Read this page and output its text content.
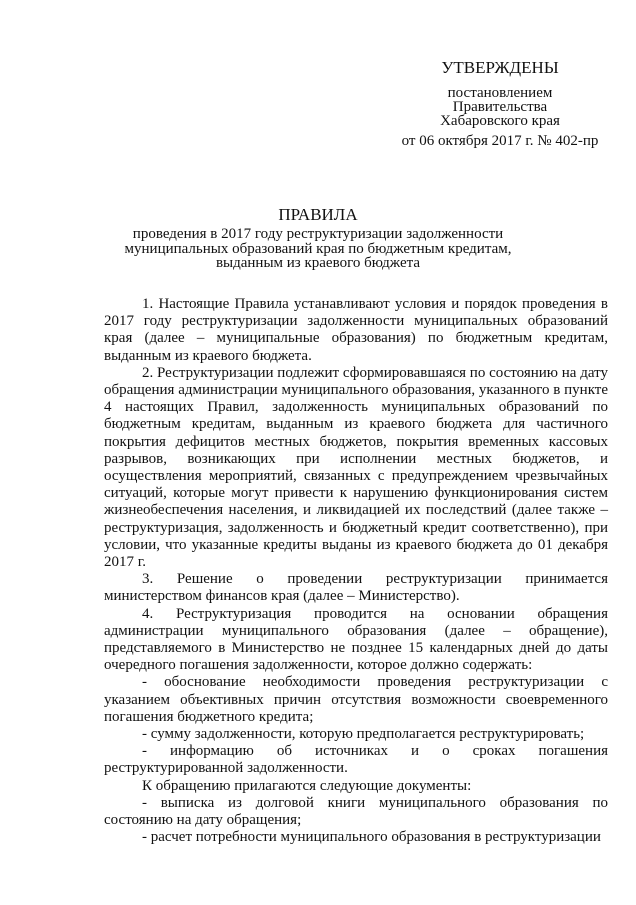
УТВЕРЖДЕНЫ
постановлением
Правительства
Хабаровского края
от 06 октября 2017 г. № 402-пр
ПРАВИЛА
проведения в 2017 году реструктуризации задолженности
муниципальных образований края по бюджетным кредитам,
выданным из краевого бюджета

1. Настоящие Правила устанавливают условия и порядок проведения в 2017 году реструктуризации задолженности муниципальных образований края (далее – муниципальные образования) по бюджетным кредитам, выданным из краевого бюджета.

2. Реструктуризации подлежит сформировавшаяся по состоянию на дату обращения администрации муниципального образования, указанного в пункте 4 настоящих Правил, задолженность муниципальных образований по бюджетным кредитам, выданным из краевого бюджета для частичного покрытия дефицитов местных бюджетов, покрытия временных кассовых разрывов, возникающих при исполнении местных бюджетов, и осуществления мероприятий, связанных с предупреждением чрезвычайных ситуаций, которые могут привести к нарушению функционирования систем жизнеобеспечения населения, и ликвидацией их последствий (далее также – реструктуризация, задолженность и бюджетный кредит соответственно), при условии, что указанные кредиты выданы из краевого бюджета до 01 декабря 2017 г.

3. Решение о проведении реструктуризации принимается министерством финансов края (далее – Министерство).

4. Реструктуризация проводится на основании обращения администрации муниципального образования (далее – обращение), представляемого в Министерство не позднее 15 календарных дней до даты очередного погашения задолженности, которое должно содержать:

- обоснование необходимости проведения реструктуризации с указанием объективных причин отсутствия возможности своевременного погашения бюджетного кредита;

- сумму задолженности, которую предполагается реструктурировать;

- информацию об источниках и о сроках погашения реструктурированной задолженности.

К обращению прилагаются следующие документы:

- выписка из долговой книги муниципального образования по состоянию на дату обращения;

- расчет потребности муниципального образования в реструктуризации
